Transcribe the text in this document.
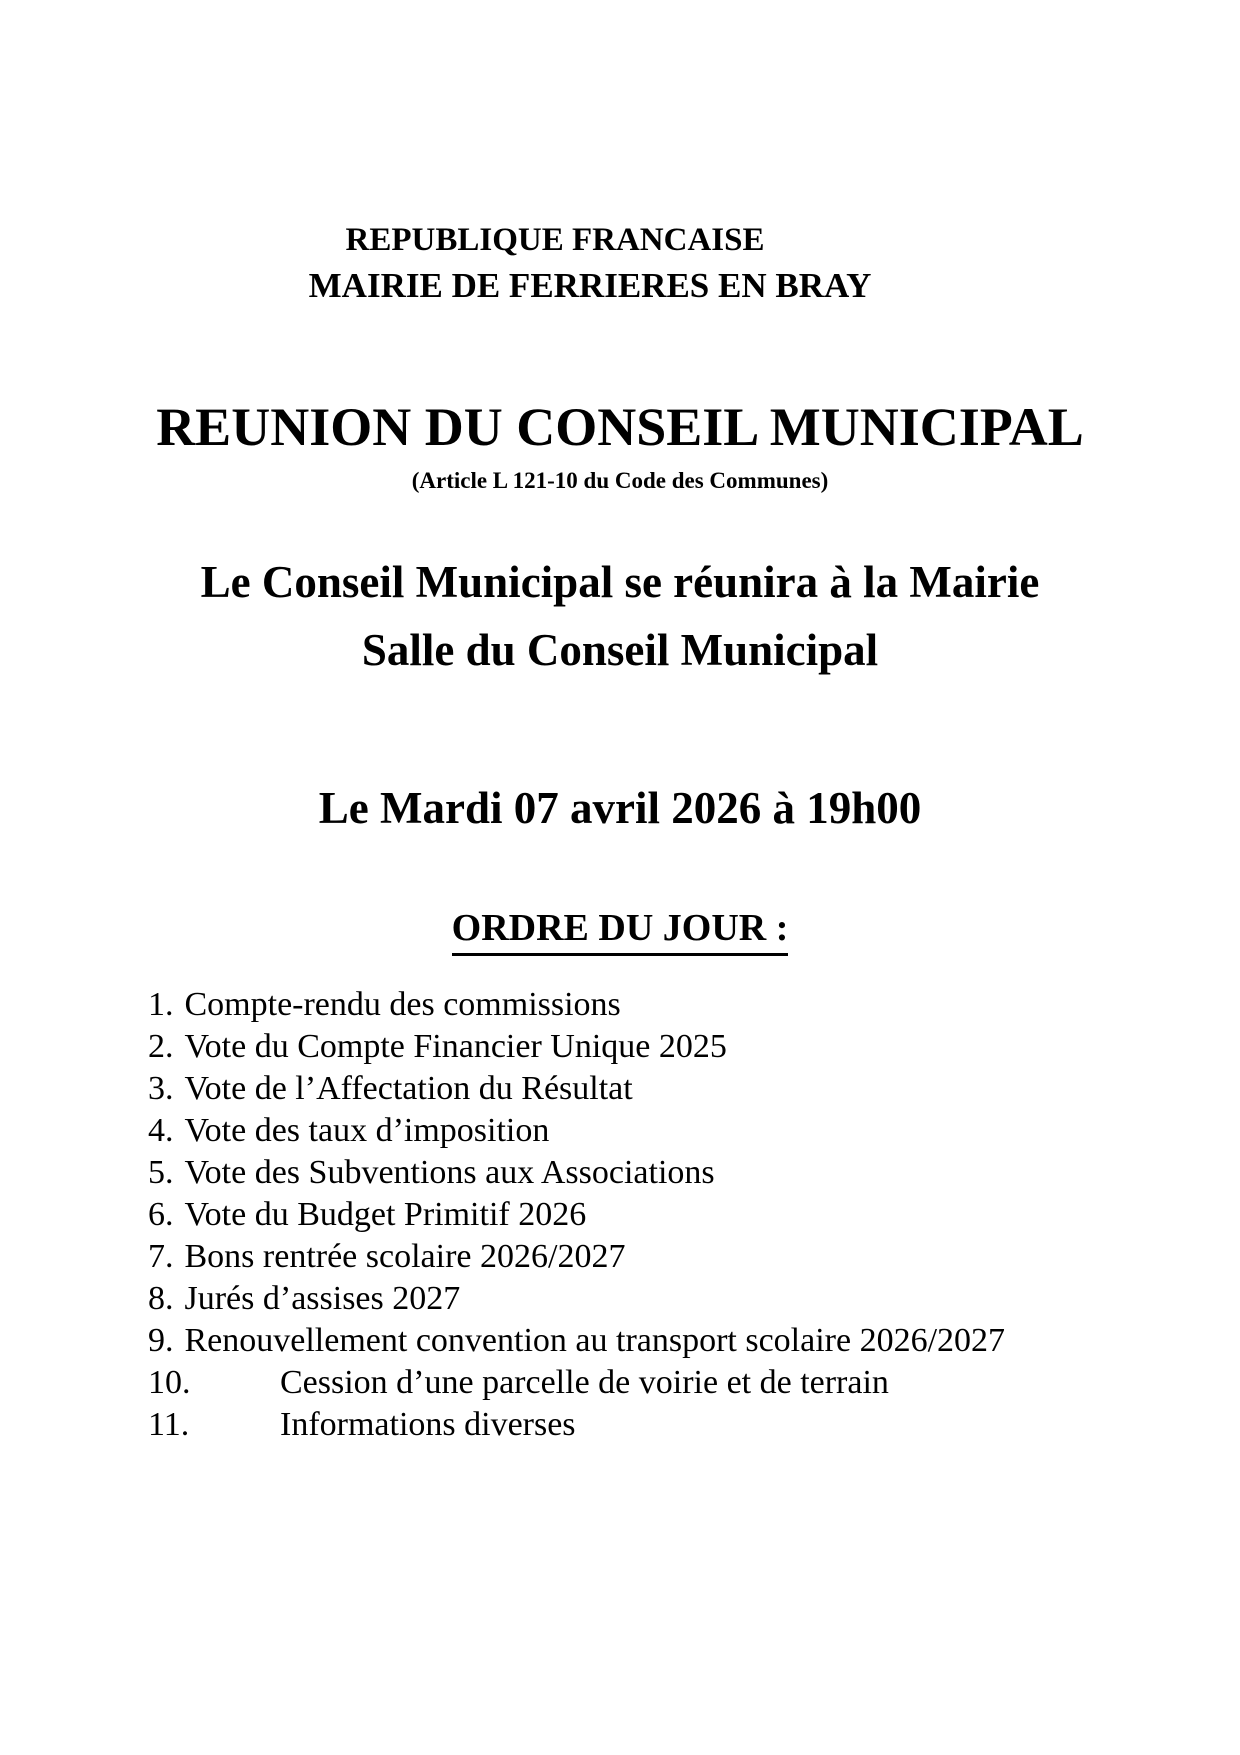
REPUBLIQUE FRANCAISE
MAIRIE DE FERRIERES EN BRAY
REUNION DU CONSEIL MUNICIPAL
(Article L 121-10 du Code des Communes)
Le Conseil Municipal se réunira à la Mairie
Salle du Conseil Municipal
Le Mardi 07 avril 2026 à 19h00
ORDRE DU JOUR :
1. Compte-rendu des commissions
2. Vote du Compte Financier Unique 2025
3. Vote de l’Affectation du Résultat
4. Vote des taux d’imposition
5. Vote des Subventions aux Associations
6. Vote du Budget Primitif 2026
7. Bons rentrée scolaire 2026/2027
8. Jurés d’assises 2027
9. Renouvellement convention au transport scolaire 2026/2027
10.	Cession d’une parcelle de voirie et de terrain
11.	Informations diverses
